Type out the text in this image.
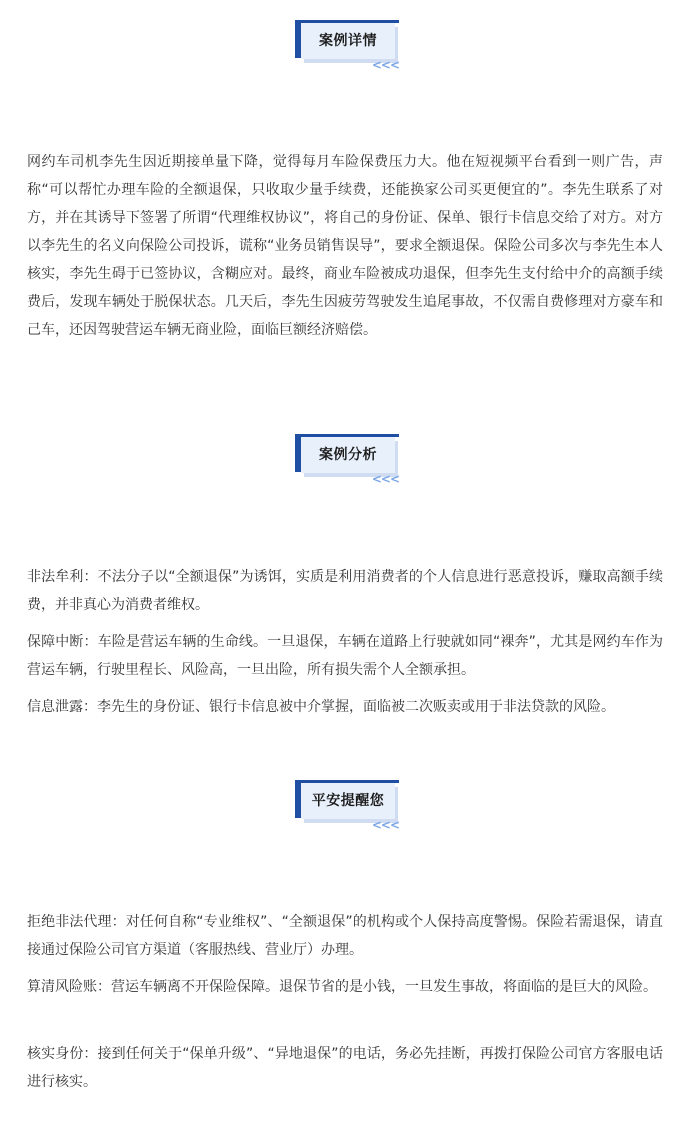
案例详情
<<<

网约车司机李先生因近期接单量下降，觉得每月车险保费压力大。他在短视频平台看到一则广告，声称“可以帮忙办理车险的全额退保，只收取少量手续费，还能换家公司买更便宜的”。李先生联系了对方，并在其诱导下签署了所谓“代理维权协议”，将自己的身份证、保单、银行卡信息交给了对方。对方以李先生的名义向保险公司投诉，谎称“业务员销售误导”，要求全额退保。保险公司多次与李先生本人核实，李先生碍于已签协议，含糊应对。最终，商业车险被成功退保，但李先生支付给中介的高额手续费后，发现车辆处于脱保状态。几天后，李先生因疲劳驾驶发生追尾事故，不仅需自费修理对方豪车和己车，还因驾驶营运车辆无商业险，面临巨额经济赔偿。

案例分析
<<<

非法牟利：不法分子以“全额退保”为诱饵，实质是利用消费者的个人信息进行恶意投诉，赚取高额手续费，并非真心为消费者维权。

保障中断：车险是营运车辆的生命线。一旦退保，车辆在道路上行驶就如同“裸奔”，尤其是网约车作为营运车辆，行驶里程长、风险高，一旦出险，所有损失需个人全额承担。

信息泄露：李先生的身份证、银行卡信息被中介掌握，面临被二次贩卖或用于非法贷款的风险。

平安提醒您
<<<

拒绝非法代理：对任何自称“专业维权”、“全额退保”的机构或个人保持高度警惕。保险若需退保，请直接通过保险公司官方渠道（客服热线、营业厅）办理。

算清风险账：营运车辆离不开保险保障。退保节省的是小钱，一旦发生事故，将面临的是巨大的风险。

核实身份：接到任何关于“保单升级”、“异地退保”的电话，务必先挂断，再拨打保险公司官方客服电话进行核实。
